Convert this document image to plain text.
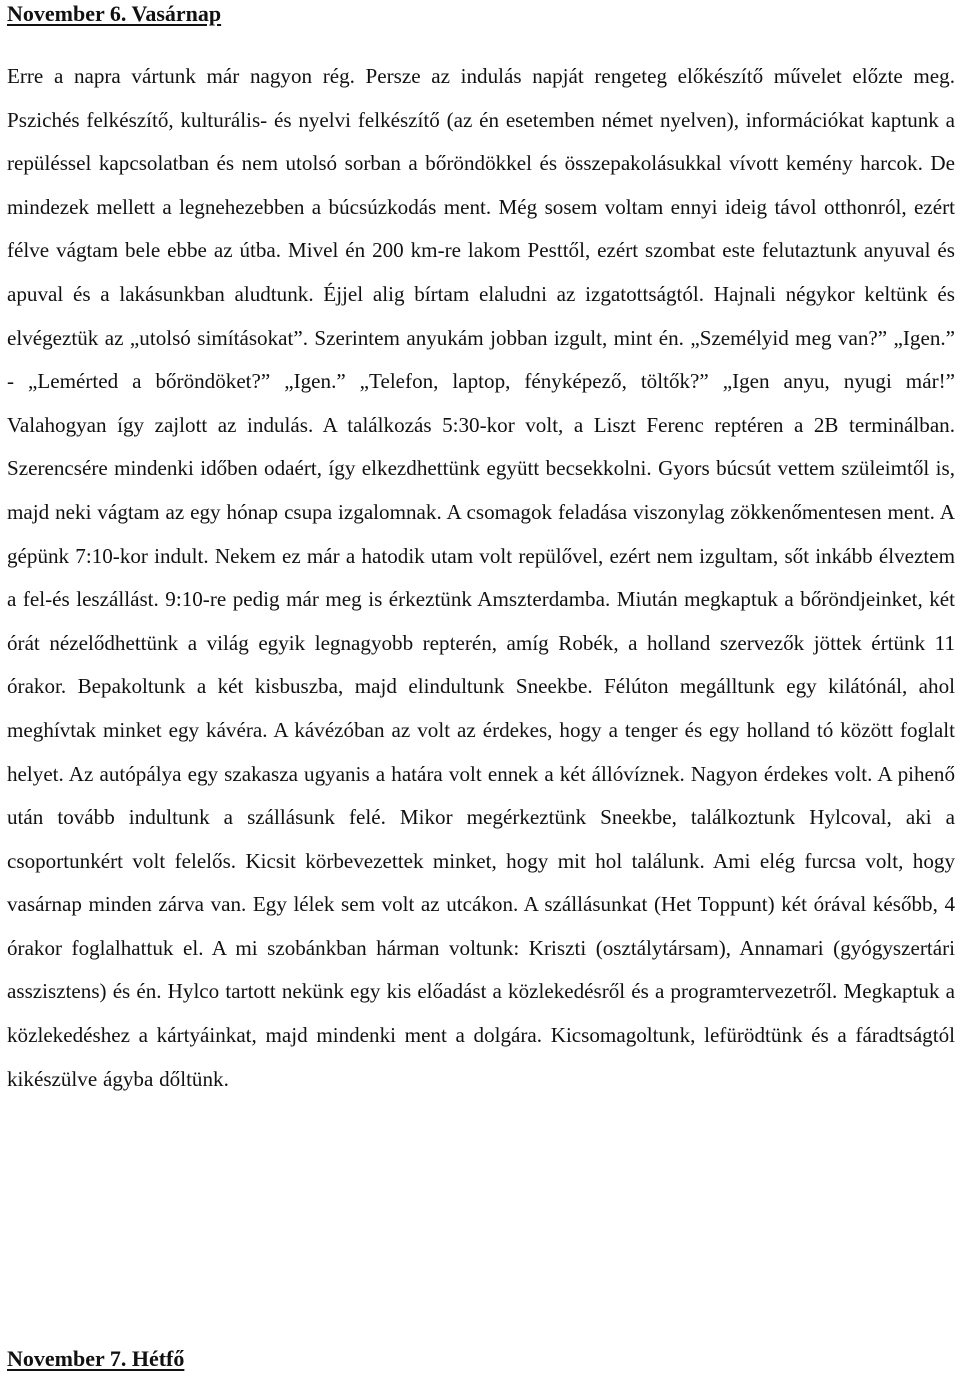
November 6. Vasárnap

Erre a napra vártunk már nagyon rég. Persze az indulás napját rengeteg előkészítő művelet előzte meg. Pszichés felkészítő, kulturális- és nyelvi felkészítő (az én esetemben német nyelven), információkat kaptunk a repüléssel kapcsolatban és nem utolsó sorban a bőröndökkel és összepakolásukkal vívott kemény harcok. De mindezek mellett a legnehezebben a búcsúzkodás ment. Még sosem voltam ennyi ideig távol otthonról, ezért félve vágtam bele ebbe az útba. Mivel én 200 km-re lakom Pesttől, ezért szombat este felutaztunk anyuval és apuval és a lakásunkban aludtunk. Éjjel alig bírtam elaludni az izgatottságtól. Hajnali négykor keltünk és elvégeztük az „utolsó simításokat”. Szerintem anyukám jobban izgult, mint én. „Személyid meg van?” „Igen.” - „Lemérted a bőröndöket?” „Igen.” „Telefon, laptop, fényképező, töltők?” „Igen anyu, nyugi már!” Valahogyan így zajlott az indulás. A találkozás 5:30-kor volt, a Liszt Ferenc reptéren a 2B terminálban. Szerencsére mindenki időben odaért, így elkezdhettünk együtt becsekkolni. Gyors búcsút vettem szüleimtől is, majd neki vágtam az egy hónap csupa izgalomnak. A csomagok feladása viszonylag zökkenőmentesen ment. A gépünk 7:10-kor indult. Nekem ez már a hatodik utam volt repülővel, ezért nem izgultam, sőt inkább élveztem a fel-és leszállást. 9:10-re pedig már meg is érkeztünk Amszterdamba. Miután megkaptuk a bőröndjeinket, két órát nézelődhettünk a világ egyik legnagyobb repterén, amíg Robék, a holland szervezők jöttek értünk 11 órakor. Bepakoltunk a két kisbuszba, majd elindultunk Sneekbe. Félúton megálltunk egy kilátónál, ahol meghívtak minket egy kávéra. A kávézóban az volt az érdekes, hogy a tenger és egy holland tó között foglalt helyet. Az autópálya egy szakasza ugyanis a határa volt ennek a két állóvíznek. Nagyon érdekes volt. A pihenő után tovább indultunk a szállásunk felé. Mikor megérkeztünk Sneekbe, találkoztunk Hylcoval, aki a csoportunkért volt felelős. Kicsit körbevezettek minket, hogy mit hol találunk. Ami elég furcsa volt, hogy vasárnap minden zárva van. Egy lélek sem volt az utcákon. A szállásunkat (Het Toppunt) két órával később, 4 órakor foglalhattuk el. A mi szobánkban hárman voltunk: Kriszti (osztálytársam), Annamari (gyógyszertári asszisztens) és én. Hylco tartott nekünk egy kis előadást a közlekedésről és a programtervezetről. Megkaptuk a közlekedéshez a kártyáinkat, majd mindenki ment a dolgára. Kicsomagoltunk, lefürödtünk és a fáradtságtól kikészülve ágyba dőltünk.

November 7. Hétfő
